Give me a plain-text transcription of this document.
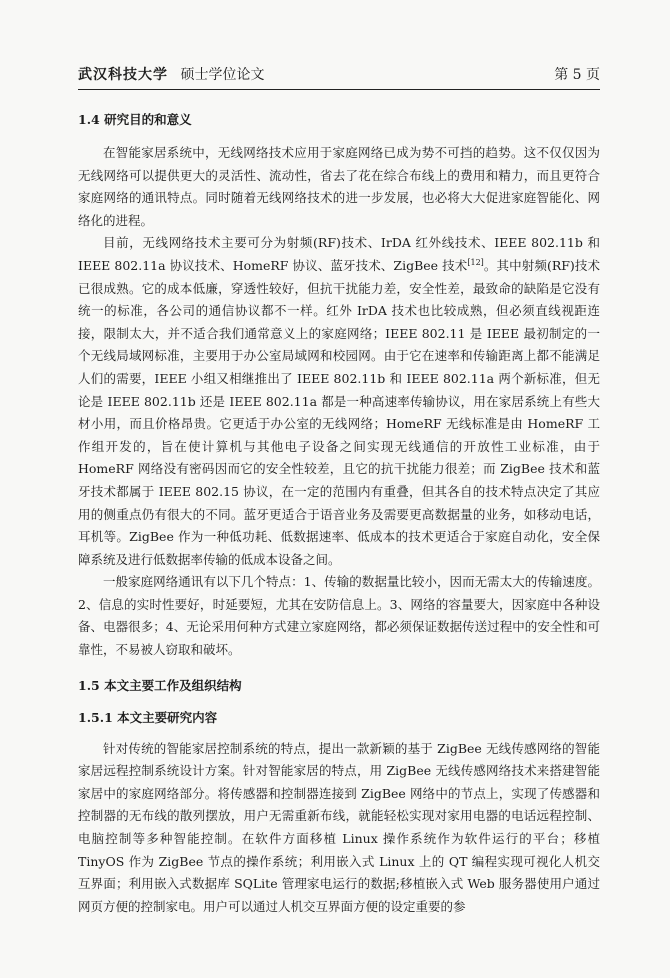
武汉科技大学 硕士学位论文	第 5 页
1.4 研究目的和意义

在智能家居系统中，无线网络技术应用于家庭网络已成为势不可挡的趋势。这不仅仅因为无线网络可以提供更大的灵活性、流动性，省去了花在综合布线上的费用和精力，而且更符合家庭网络的通讯特点。同时随着无线网络技术的进一步发展，也必将大大促进家庭智能化、网络化的进程。

目前，无线网络技术主要可分为射频(RF)技术、IrDA 红外线技术、IEEE 802.11b 和 IEEE 802.11a 协议技术、HomeRF 协议、蓝牙技术、ZigBee 技术[12]。其中射频(RF)技术已很成熟。它的成本低廉，穿透性较好，但抗干扰能力差，安全性差，最致命的缺陷是它没有统一的标准，各公司的通信协议都不一样。红外 IrDA 技术也比较成熟，但必须直线视距连接，限制太大，并不适合我们通常意义上的家庭网络；IEEE 802.11 是 IEEE 最初制定的一个无线局域网标准，主要用于办公室局域网和校园网。由于它在速率和传输距离上都不能满足人们的需要，IEEE 小组又相继推出了 IEEE 802.11b 和 IEEE 802.11a 两个新标准，但无论是 IEEE 802.11b 还是 IEEE 802.11a 都是一种高速率传输协议，用在家居系统上有些大材小用，而且价格昂贵。它更适于办公室的无线网络；HomeRF 无线标准是由 HomeRF 工作组开发的，旨在使计算机与其他电子设备之间实现无线通信的开放性工业标准，由于 HomeRF 网络没有密码因而它的安全性较差，且它的抗干扰能力很差；而 ZigBee 技术和蓝牙技术都属于 IEEE 802.15 协议，在一定的范围内有重叠，但其各自的技术特点决定了其应用的侧重点仍有很大的不同。蓝牙更适合于语音业务及需要更高数据量的业务，如移动电话，耳机等。ZigBee 作为一种低功耗、低数据速率、低成本的技术更适合于家庭自动化，安全保障系统及进行低数据率传输的低成本设备之间。

一般家庭网络通讯有以下几个特点：1、传输的数据量比较小，因而无需太大的传输速度。2、信息的实时性要好，时延要短，尤其在安防信息上。3、网络的容量要大，因家庭中各种设备、电器很多；4、无论采用何种方式建立家庭网络，都必须保证数据传送过程中的安全性和可靠性，不易被人窃取和破坏。

1.5 本文主要工作及组织结构
1.5.1 本文主要研究内容

针对传统的智能家居控制系统的特点，提出一款新颖的基于 ZigBee 无线传感网络的智能家居远程控制系统设计方案。针对智能家居的特点，用 ZigBee 无线传感网络技术来搭建智能家居中的家庭网络部分。将传感器和控制器连接到 ZigBee 网络中的节点上，实现了传感器和控制器的无布线的散列摆放，用户无需重新布线，就能轻松实现对家用电器的电话远程控制、电脑控制等多种智能控制。在软件方面移植 Linux 操作系统作为软件运行的平台；移植 TinyOS 作为 ZigBee 节点的操作系统；利用嵌入式 Linux 上的 QT 编程实现可视化人机交互界面；利用嵌入式数据库 SQLite 管理家电运行的数据;移植嵌入式 Web 服务器使用户通过网页方便的控制家电。用户可以通过人机交互界面方便的设定重要的参
